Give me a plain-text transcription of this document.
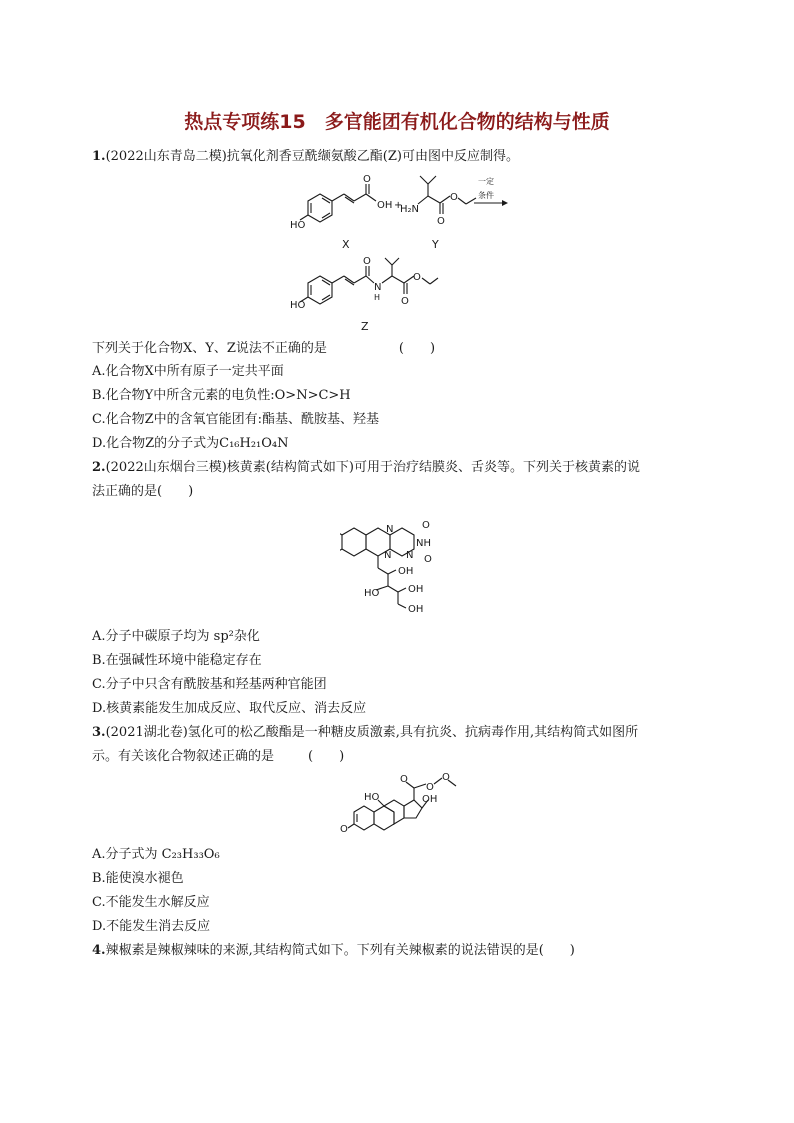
热点专项练15　多官能团有机化合物的结构与性质
1.(2022山东青岛二模)抗氧化剂香豆酰缬氨酸乙酯(Z)可由图中反应制得。
HO
O
OH +
H₂N
O
O
一定
条件
X	Y
HO
O
N
H O
O
Z
下列关于化合物X、Y、Z说法不正确的是	(　　)
A.化合物X中所有原子一定共平面
B.化合物Y中所含元素的电负性:O>N>C>H
C.化合物Z中的含氧官能团有:酯基、酰胺基、羟基
D.化合物Z的分子式为C₁₆H₂₁O₄N
2.(2022山东烟台三模)核黄素(结构简式如下)可用于治疗结膜炎、舌炎等。下列关于核黄素的说
法正确的是(　　)
N
N N
NH
O
O
OH
HO	OH
OH
A.分子中碳原子均为 sp²杂化
B.在强碱性环境中能稳定存在
C.分子中只含有酰胺基和羟基两种官能团
D.核黄素能发生加成反应、取代反应、消去反应
3.(2021湖北卷)氢化可的松乙酸酯是一种糖皮质激素,具有抗炎、抗病毒作用,其结构简式如图所
示。有关该化合物叙述正确的是	(　　)
O
HO
O
O
O
OH
A.分子式为 C₂₃H₃₃O₆
B.能使溴水褪色
C.不能发生水解反应
D.不能发生消去反应
4.辣椒素是辣椒辣味的来源,其结构简式如下。下列有关辣椒素的说法错误的是(　　)
